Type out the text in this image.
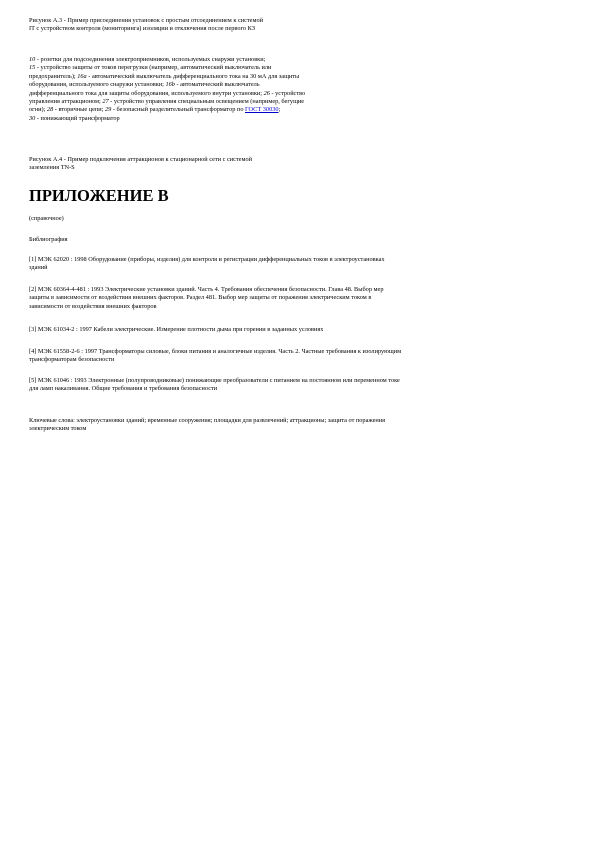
Рисунок А.3 - Пример присоединения установок с простым отсоединением к системой

IT с устройством контроля (мониторинга) изоляции и отключения после первого КЗ

10 - розетки для подсоединения электроприемников, используемых снаружи установки;

15 - устройство защиты от токов перегрузки (например, автоматический выключатель или

предохранитель); 16а - автоматический выключатель дифференциального тока на 30 мА для защиты

оборудования, используемого снаружи установки; 16b - автоматический выключатель

дифференциального тока для защиты оборудования, используемого внутри установки; 26 - устройство

управления аттракционом; 27 - устройство управления специальным освещением (например, бегущие

огни); 28 - вторичные цепи; 29 - безопасный разделительный трансформатор по ГОСТ 30030;

30 - понижающий трансформатор

Рисунок А.4 - Пример подключения аттракционов к стационарной сети с системой

заземления TN-S

ПРИЛОЖЕНИЕ В

(справочное)

Библиография

[1] МЭК 62020 : 1998 Оборудование (приборы, изделия) для контроля и регистрации дифференциальных токов в электроустановках

зданий

[2] МЭК 60364-4-481 : 1993 Электрические установки зданий. Часть 4. Требования обеспечения безопасности. Глава 48. Выбор мер

защиты в зависимости от воздействия внешних факторов. Раздел 481. Выбор мер защиты от поражения электрическим током в

зависимости от воздействия внешних факторов

[3] МЭК 61034-2 : 1997 Кабели электрические. Измерение плотности дыма при горении в заданных условиях

[4] МЭК 61558-2-6 : 1997 Трансформаторы силовые, блоки питания и аналогичные изделия. Часть 2. Частные требования к изолирующим

трансформаторам безопасности

[5] МЭК 61046 : 1993 Электронные (полупроводниковые) понижающие преобразователи с питанием на постоянном или переменном токе

для ламп накаливания. Общие требования и требования безопасности

Ключевые слова: электроустановки зданий; временные сооружения; площадки для развлечений; аттракционы; защита от поражения

электрическим током
